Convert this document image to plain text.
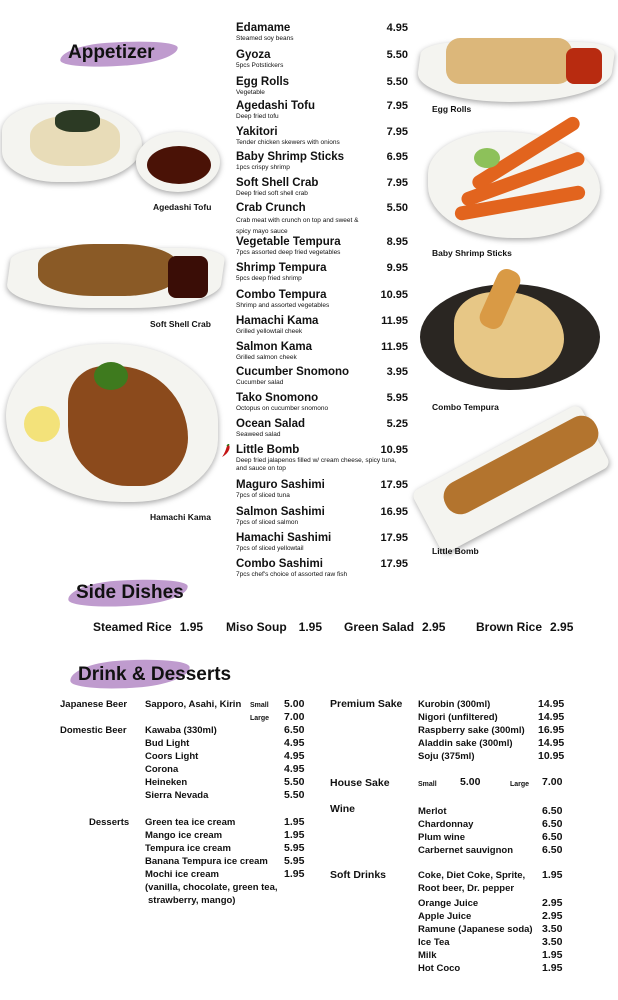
Appetizer
Agedashi Tofu
Soft Shell Crab
Hamachi Kama
Egg Rolls
Baby Shrimp Sticks
Combo Tempura
Little Bomb
Edamame
Steamed soy beans
4.95
Gyoza
5pcs Potstickers
5.50
Egg Rolls
Vegetable
5.50
Agedashi Tofu
Deep fried tofu
7.95
Yakitori
Tender chicken skewers with onions
7.95
Baby Shrimp Sticks
1pcs crispy shrimp
6.95
Soft Shell Crab
Deep fried soft shell crab
7.95
Crab Crunch
Crab meat with crunch on top and sweet & spicy mayo sauce
5.50
Vegetable Tempura
7pcs assorted deep fried vegetables
8.95
Shrimp Tempura
5pcs deep fried shrimp
9.95
Combo Tempura
Shrimp and assorted vegetables
10.95
Hamachi Kama
Grilled yellowtail cheek
11.95
Salmon Kama
Grilled salmon cheek
11.95
Cucumber Snomono
Cucumber salad
3.95
Tako Snomono
Octopus on cucumber snomono
5.95
Ocean Salad
Seaweed salad
5.25
Little Bomb
Deep fried jalapenos filled w/ cream cheese, spicy tuna, and sauce on top
10.95
Maguro Sashimi
7pcs of sliced tuna
17.95
Salmon Sashimi
7pcs of sliced salmon
16.95
Hamachi Sashimi
7pcs of sliced yellowtail
17.95
Combo Sashimi
7pcs chef's choice of assorted raw fish
17.95
Side Dishes
Steamed Rice 1.95 Miso Soup 1.95 Green Salad 2.95	Brown Rice 2.95
Drink & Desserts
Japanese Beer Sapporo, Asahi, Kirin Small 5.00
Large 7.00
Domestic Beer Kawaba (330ml)	6.50
Bud Light	4.95
Coors Light	4.95
Corona	4.95
Heineken	5.50
Sierra Nevada	5.50
Desserts Green tea ice cream	1.95
Mango ice cream	1.95
Tempura ice cream	5.95
Banana Tempura ice cream 5.95
Mochi ice cream	1.95
(vanilla, chocolate, green tea,
strawberry, mango)
Premium Sake Kurobin (300ml)	14.95
Nigori (unfiltered)	14.95
Raspberry sake (300ml) 16.95
Aladdin sake (300ml) 14.95
Soju (375ml)	10.95
House Sake	Small 5.00	Large 7.00
Wine	Merlot	6.50
Chardonnay	6.50
Plum wine	6.50
Carbernet sauvignon	6.50
Soft Drinks	Coke, Diet Coke, Sprite, 1.95
Root beer, Dr. pepper
Orange Juice	2.95
Apple Juice	2.95
Ramune (Japanese soda) 3.50
Ice Tea	3.50
Milk	1.95
Hot Coco	1.95
